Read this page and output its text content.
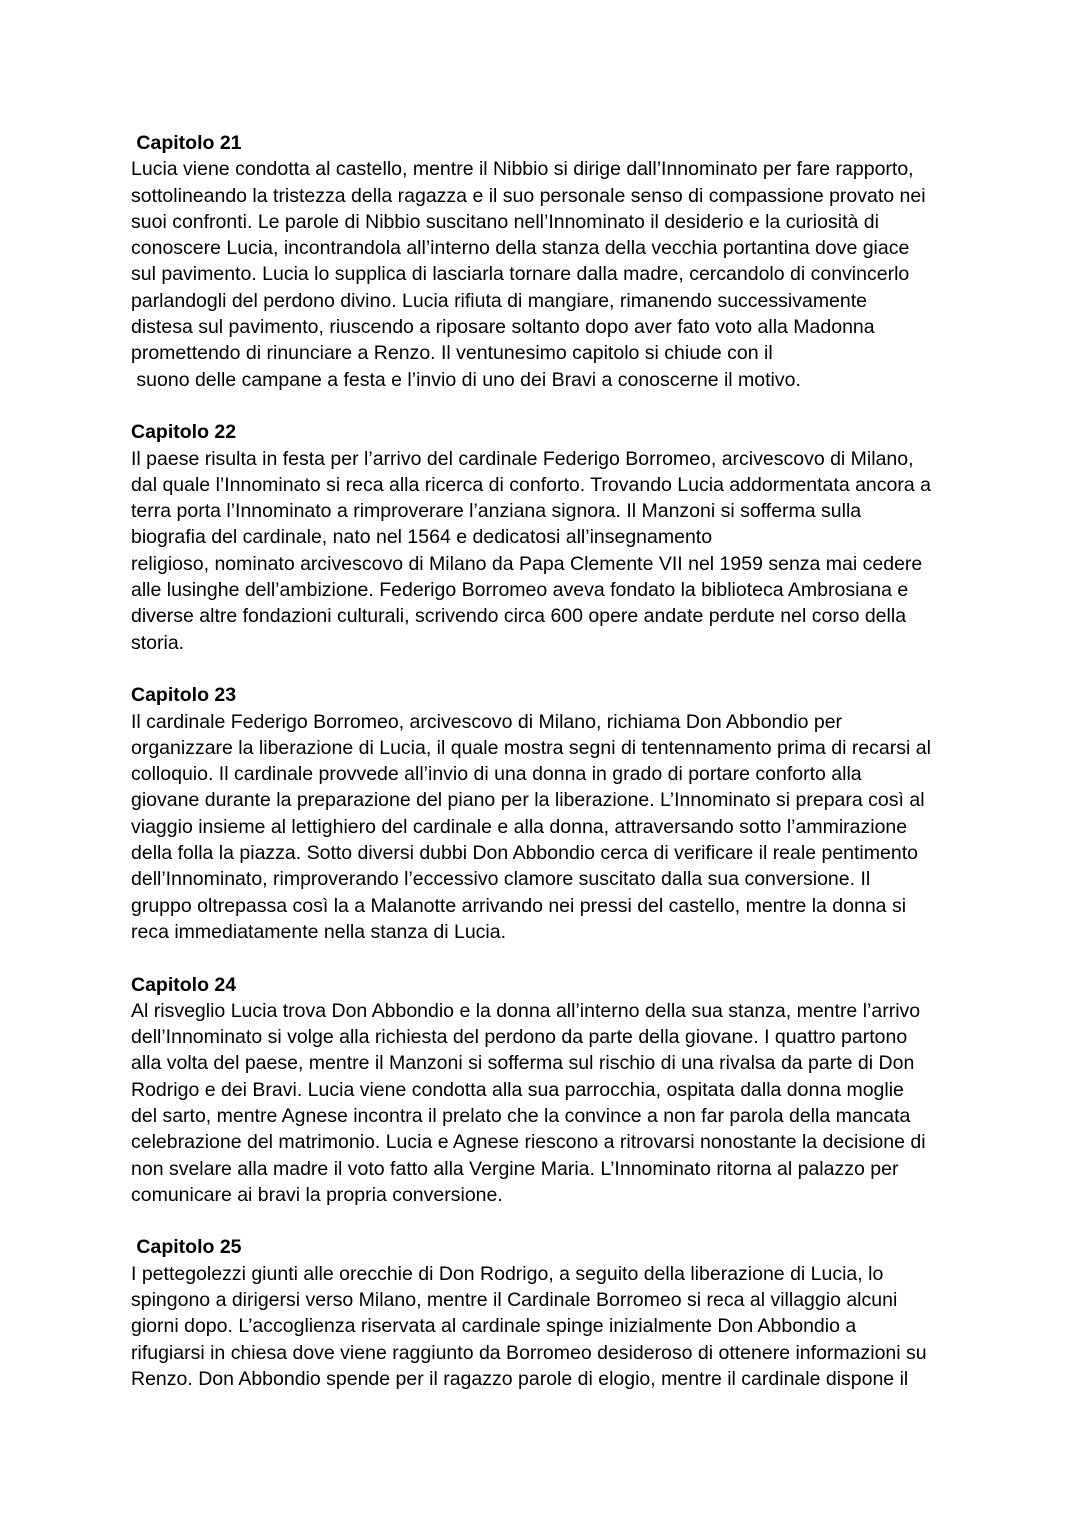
Capitolo 21
Lucia viene condotta al castello, mentre il Nibbio si dirige dall’Innominato per fare rapporto,
sottolineando la tristezza della ragazza e il suo personale senso di compassione provato nei
suoi confronti. Le parole di Nibbio suscitano nell’Innominato il desiderio e la curiosità di
conoscere Lucia, incontrandola all’interno della stanza della vecchia portantina dove giace
sul pavimento. Lucia lo supplica di lasciarla tornare dalla madre, cercandolo di convincerlo
parlandogli del perdono divino. Lucia rifiuta di mangiare, rimanendo successivamente
distesa sul pavimento, riuscendo a riposare soltanto dopo aver fato voto alla Madonna
promettendo di rinunciare a Renzo. Il ventunesimo capitolo si chiude con il
suono delle campane a festa e l’invio di uno dei Bravi a conoscerne il motivo.
Capitolo 22
Il paese risulta in festa per l’arrivo del cardinale Federigo Borromeo, arcivescovo di Milano,
dal quale l’Innominato si reca alla ricerca di conforto. Trovando Lucia addormentata ancora a
terra porta l’Innominato a rimproverare l’anziana signora. Il Manzoni si sofferma sulla
biografia del cardinale, nato nel 1564 e dedicatosi all’insegnamento
religioso, nominato arcivescovo di Milano da Papa Clemente VII nel 1959 senza mai cedere
alle lusinghe dell’ambizione. Federigo Borromeo aveva fondato la biblioteca Ambrosiana e
diverse altre fondazioni culturali, scrivendo circa 600 opere andate perdute nel corso della
storia.
Capitolo 23
Il cardinale Federigo Borromeo, arcivescovo di Milano, richiama Don Abbondio per
organizzare la liberazione di Lucia, il quale mostra segni di tentennamento prima di recarsi al
colloquio. Il cardinale provvede all’invio di una donna in grado di portare conforto alla
giovane durante la preparazione del piano per la liberazione. L’Innominato si prepara così al
viaggio insieme al lettighiero del cardinale e alla donna, attraversando sotto l’ammirazione
della folla la piazza. Sotto diversi dubbi Don Abbondio cerca di verificare il reale pentimento
dell’Innominato, rimproverando l’eccessivo clamore suscitato dalla sua conversione. Il
gruppo oltrepassa così la a Malanotte arrivando nei pressi del castello, mentre la donna si
reca immediatamente nella stanza di Lucia.
Capitolo 24
Al risveglio Lucia trova Don Abbondio e la donna all’interno della sua stanza, mentre l’arrivo
dell’Innominato si volge alla richiesta del perdono da parte della giovane. I quattro partono
alla volta del paese, mentre il Manzoni si sofferma sul rischio di una rivalsa da parte di Don
Rodrigo e dei Bravi. Lucia viene condotta alla sua parrocchia, ospitata dalla donna moglie
del sarto, mentre Agnese incontra il prelato che la convince a non far parola della mancata
celebrazione del matrimonio. Lucia e Agnese riescono a ritrovarsi nonostante la decisione di
non svelare alla madre il voto fatto alla Vergine Maria. L’Innominato ritorna al palazzo per
comunicare ai bravi la propria conversione.
Capitolo 25
I pettegolezzi giunti alle orecchie di Don Rodrigo, a seguito della liberazione di Lucia, lo
spingono a dirigersi verso Milano, mentre il Cardinale Borromeo si reca al villaggio alcuni
giorni dopo. L’accoglienza riservata al cardinale spinge inizialmente Don Abbondio a
rifugiarsi in chiesa dove viene raggiunto da Borromeo desideroso di ottenere informazioni su
Renzo. Don Abbondio spende per il ragazzo parole di elogio, mentre il cardinale dispone il
